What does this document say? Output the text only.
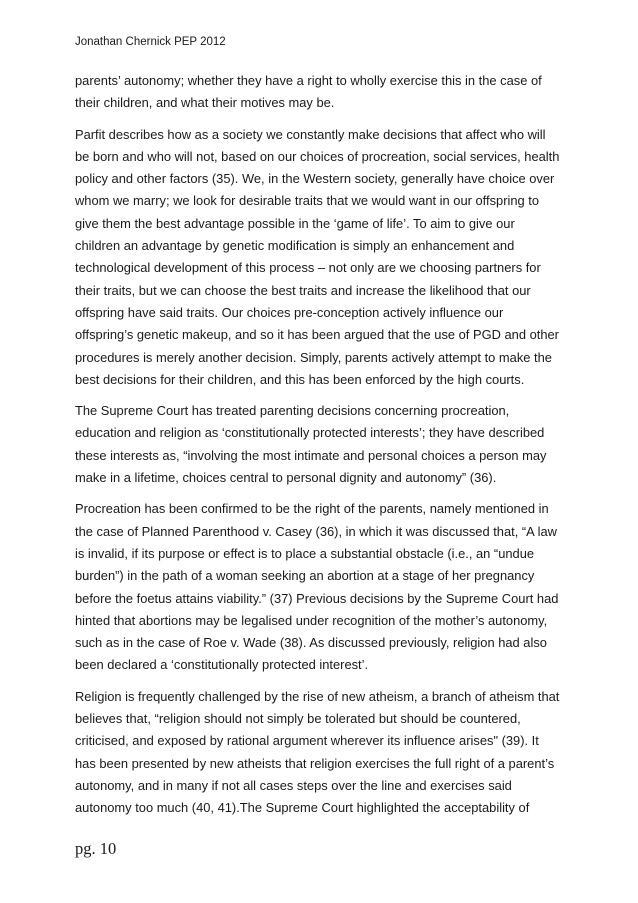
Jonathan Chernick PEP 2012

parents’ autonomy; whether they have a right to wholly exercise this in the case of
their children, and what their motives may be.

Parfit describes how as a society we constantly make decisions that affect who will
be born and who will not, based on our choices of procreation, social services, health
policy and other factors (35). We, in the Western society, generally have choice over
whom we marry; we look for desirable traits that we would want in our offspring to
give them the best advantage possible in the ‘game of life’. To aim to give our
children an advantage by genetic modification is simply an enhancement and
technological development of this process – not only are we choosing partners for
their traits, but we can choose the best traits and increase the likelihood that our
offspring have said traits. Our choices pre-conception actively influence our
offspring’s genetic makeup, and so it has been argued that the use of PGD and other
procedures is merely another decision. Simply, parents actively attempt to make the
best decisions for their children, and this has been enforced by the high courts.

The Supreme Court has treated parenting decisions concerning procreation,
education and religion as ‘constitutionally protected interests’; they have described
these interests as, “involving the most intimate and personal choices a person may
make in a lifetime, choices central to personal dignity and autonomy” (36).

Procreation has been confirmed to be the right of the parents, namely mentioned in
the case of Planned Parenthood v. Casey (36), in which it was discussed that, “A law
is invalid, if its purpose or effect is to place a substantial obstacle (i.e., an “undue
burden”) in the path of a woman seeking an abortion at a stage of her pregnancy
before the foetus attains viability.” (37) Previous decisions by the Supreme Court had
hinted that abortions may be legalised under recognition of the mother’s autonomy,
such as in the case of Roe v. Wade (38). As discussed previously, religion had also
been declared a ‘constitutionally protected interest’.

Religion is frequently challenged by the rise of new atheism, a branch of atheism that
believes that, “religion should not simply be tolerated but should be countered,
criticised, and exposed by rational argument wherever its influence arises" (39). It
has been presented by new atheists that religion exercises the full right of a parent’s
autonomy, and in many if not all cases steps over the line and exercises said
autonomy too much (40, 41).The Supreme Court highlighted the acceptability of

pg. 10
